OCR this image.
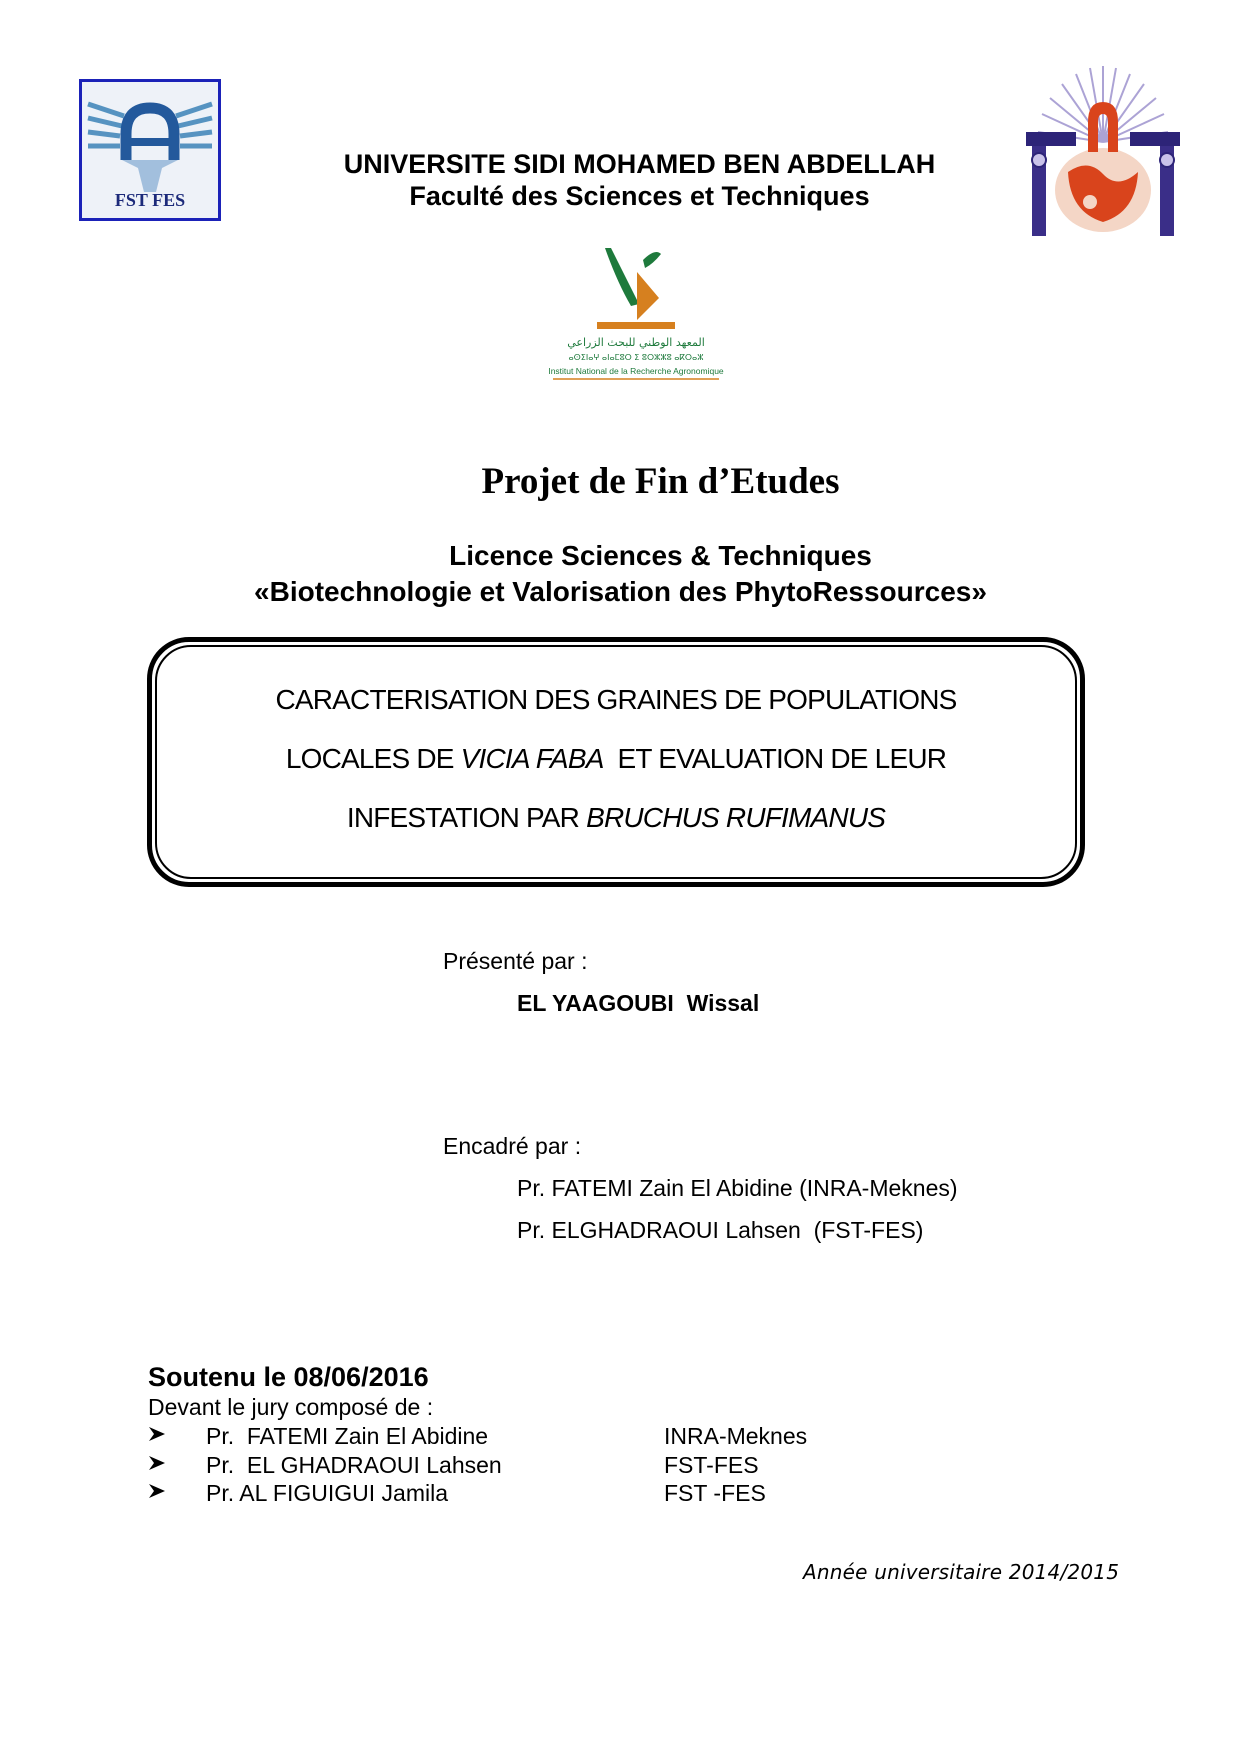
FST FES
UNIVERSITE SIDI MOHAMED BEN ABDELLAH
Faculté des Sciences et Techniques
المعهد الوطني للبحث الزراعي
ⴰⵙⵉⵏⴰⵖ ⴰⵏⴰⵎⵓⵔ ⵉ ⵓⵔⵣⵣⵓ ⴰⴽⵔⴰⵣ
Institut National de la Recherche Agronomique
Projet de Fin d’Etudes
Licence Sciences & Techniques
«Biotechnologie et Valorisation des PhytoRessources»
CARACTERISATION DES GRAINES DE POPULATIONS
LOCALES DE VICIA FABA  ET EVALUATION DE LEUR
INFESTATION PAR BRUCHUS RUFIMANUS
Présenté par :
EL YAAGOUBI  Wissal
Encadré par :
Pr. FATEMI Zain El Abidine (INRA-Meknes)
Pr. ELGHADRAOUI Lahsen  (FST-FES)
Soutenu le 08/06/2016
Devant le jury composé de :
Pr.  FATEMI Zain El Abidine	INRA-Meknes
Pr.  EL GHADRAOUI Lahsen	FST-FES
Pr. AL FIGUIGUI Jamila	FST -FES
Année universitaire 2014/2015
